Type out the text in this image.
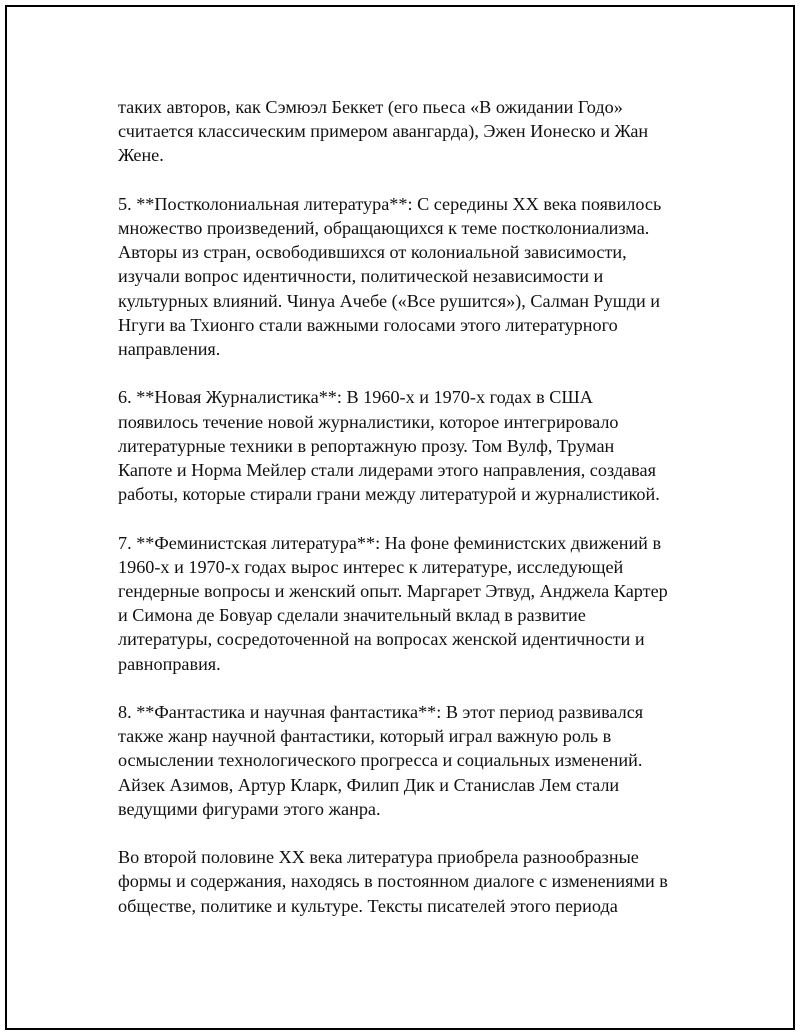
таких авторов, как Сэмюэл Беккет (его пьеса «В ожидании Годо»
считается классическим примером авангарда), Эжен Ионеско и Жан
Жене.

5. **Постколониальная литература**: С середины XX века появилось
множество произведений, обращающихся к теме постколониализма.
Авторы из стран, освободившихся от колониальной зависимости,
изучали вопрос идентичности, политической независимости и
культурных влияний. Чинуа Ачебе («Все рушится»), Салман Рушди и
Нгуги ва Тхионго стали важными голосами этого литературного
направления.

6. **Новая Журналистика**: В 1960-х и 1970-х годах в США
появилось течение новой журналистики, которое интегрировало
литературные техники в репортажную прозу. Том Вулф, Труман
Капоте и Норма Мейлер стали лидерами этого направления, создавая
работы, которые стирали грани между литературой и журналистикой.

7. **Феминистская литература**: На фоне феминистских движений в
1960-х и 1970-х годах вырос интерес к литературе, исследующей
гендерные вопросы и женский опыт. Маргарет Этвуд, Анджела Картер
и Симона де Бовуар сделали значительный вклад в развитие
литературы, сосредоточенной на вопросах женской идентичности и
равноправия.

8. **Фантастика и научная фантастика**: В этот период развивался
также жанр научной фантастики, который играл важную роль в
осмыслении технологического прогресса и социальных изменений.
Айзек Азимов, Артур Кларк, Филип Дик и Станислав Лем стали
ведущими фигурами этого жанра.

Во второй половине XX века литература приобрела разнообразные
формы и содержания, находясь в постоянном диалоге с изменениями в
обществе, политике и культуре. Тексты писателей этого периода
